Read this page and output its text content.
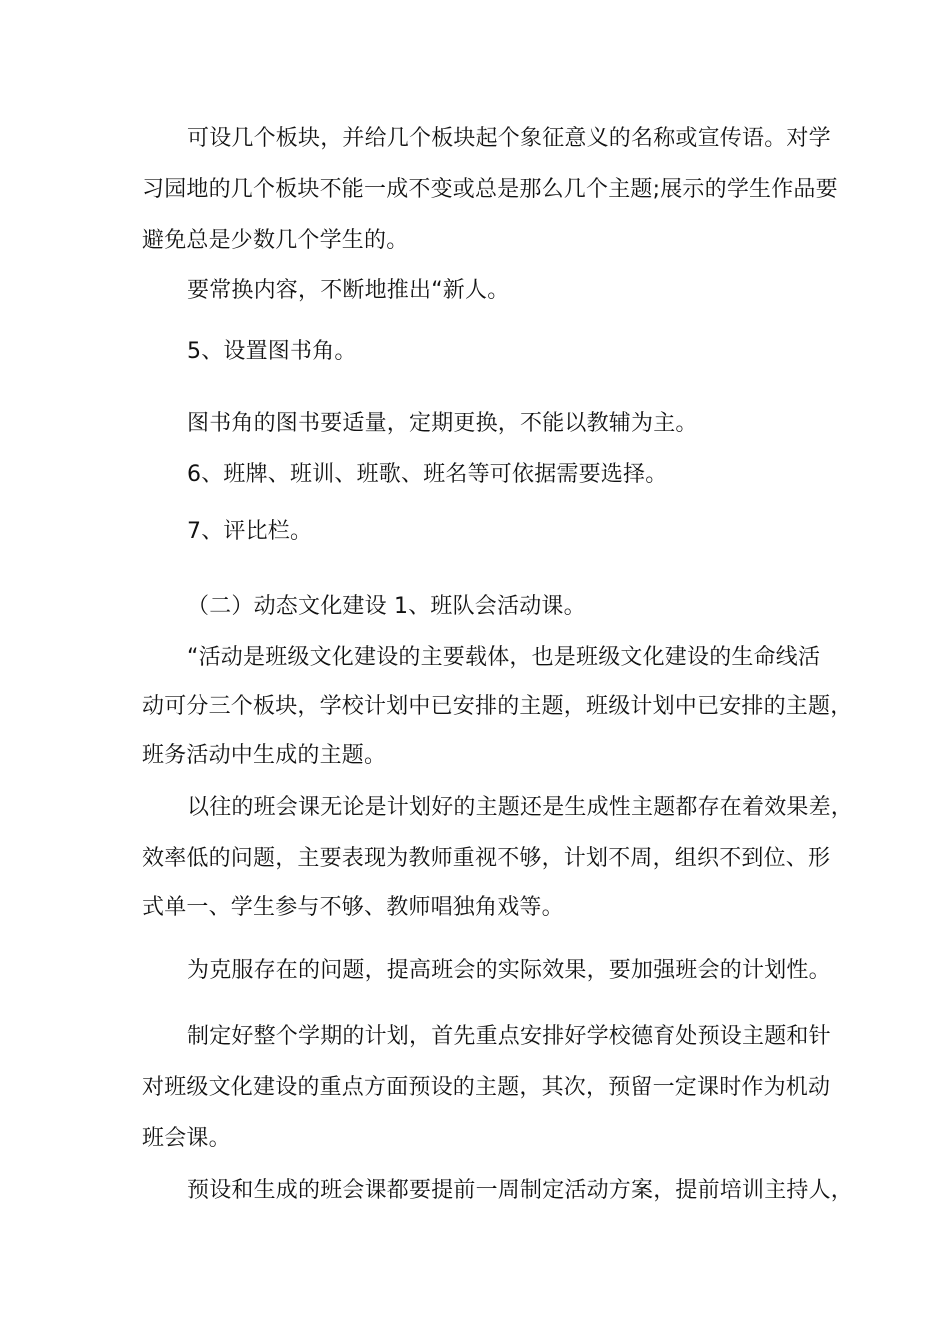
可设几个板块，并给几个板块起个象征意义的名称或宣传语。对学
习园地的几个板块不能一成不变或总是那么几个主题;展示的学生作品要
避免总是少数几个学生的。
要常换内容，不断地推出“新人。
5、设置图书角。
图书角的图书要适量，定期更换，不能以教辅为主。
6、班牌、班训、班歌、班名等可依据需要选择。
7、评比栏。
（二）动态文化建设 1、班队会活动课。
“活动是班级文化建设的主要载体，也是班级文化建设的生命线活
动可分三个板块，学校计划中已安排的主题，班级计划中已安排的主题，
班务活动中生成的主题。
以往的班会课无论是计划好的主题还是生成性主题都存在着效果差，
效率低的问题，主要表现为教师重视不够，计划不周，组织不到位、形
式单一、学生参与不够、教师唱独角戏等。
为克服存在的问题，提高班会的实际效果，要加强班会的计划性。
制定好整个学期的计划，首先重点安排好学校德育处预设主题和针
对班级文化建设的重点方面预设的主题，其次，预留一定课时作为机动
班会课。
预设和生成的班会课都要提前一周制定活动方案，提前培训主持人，
